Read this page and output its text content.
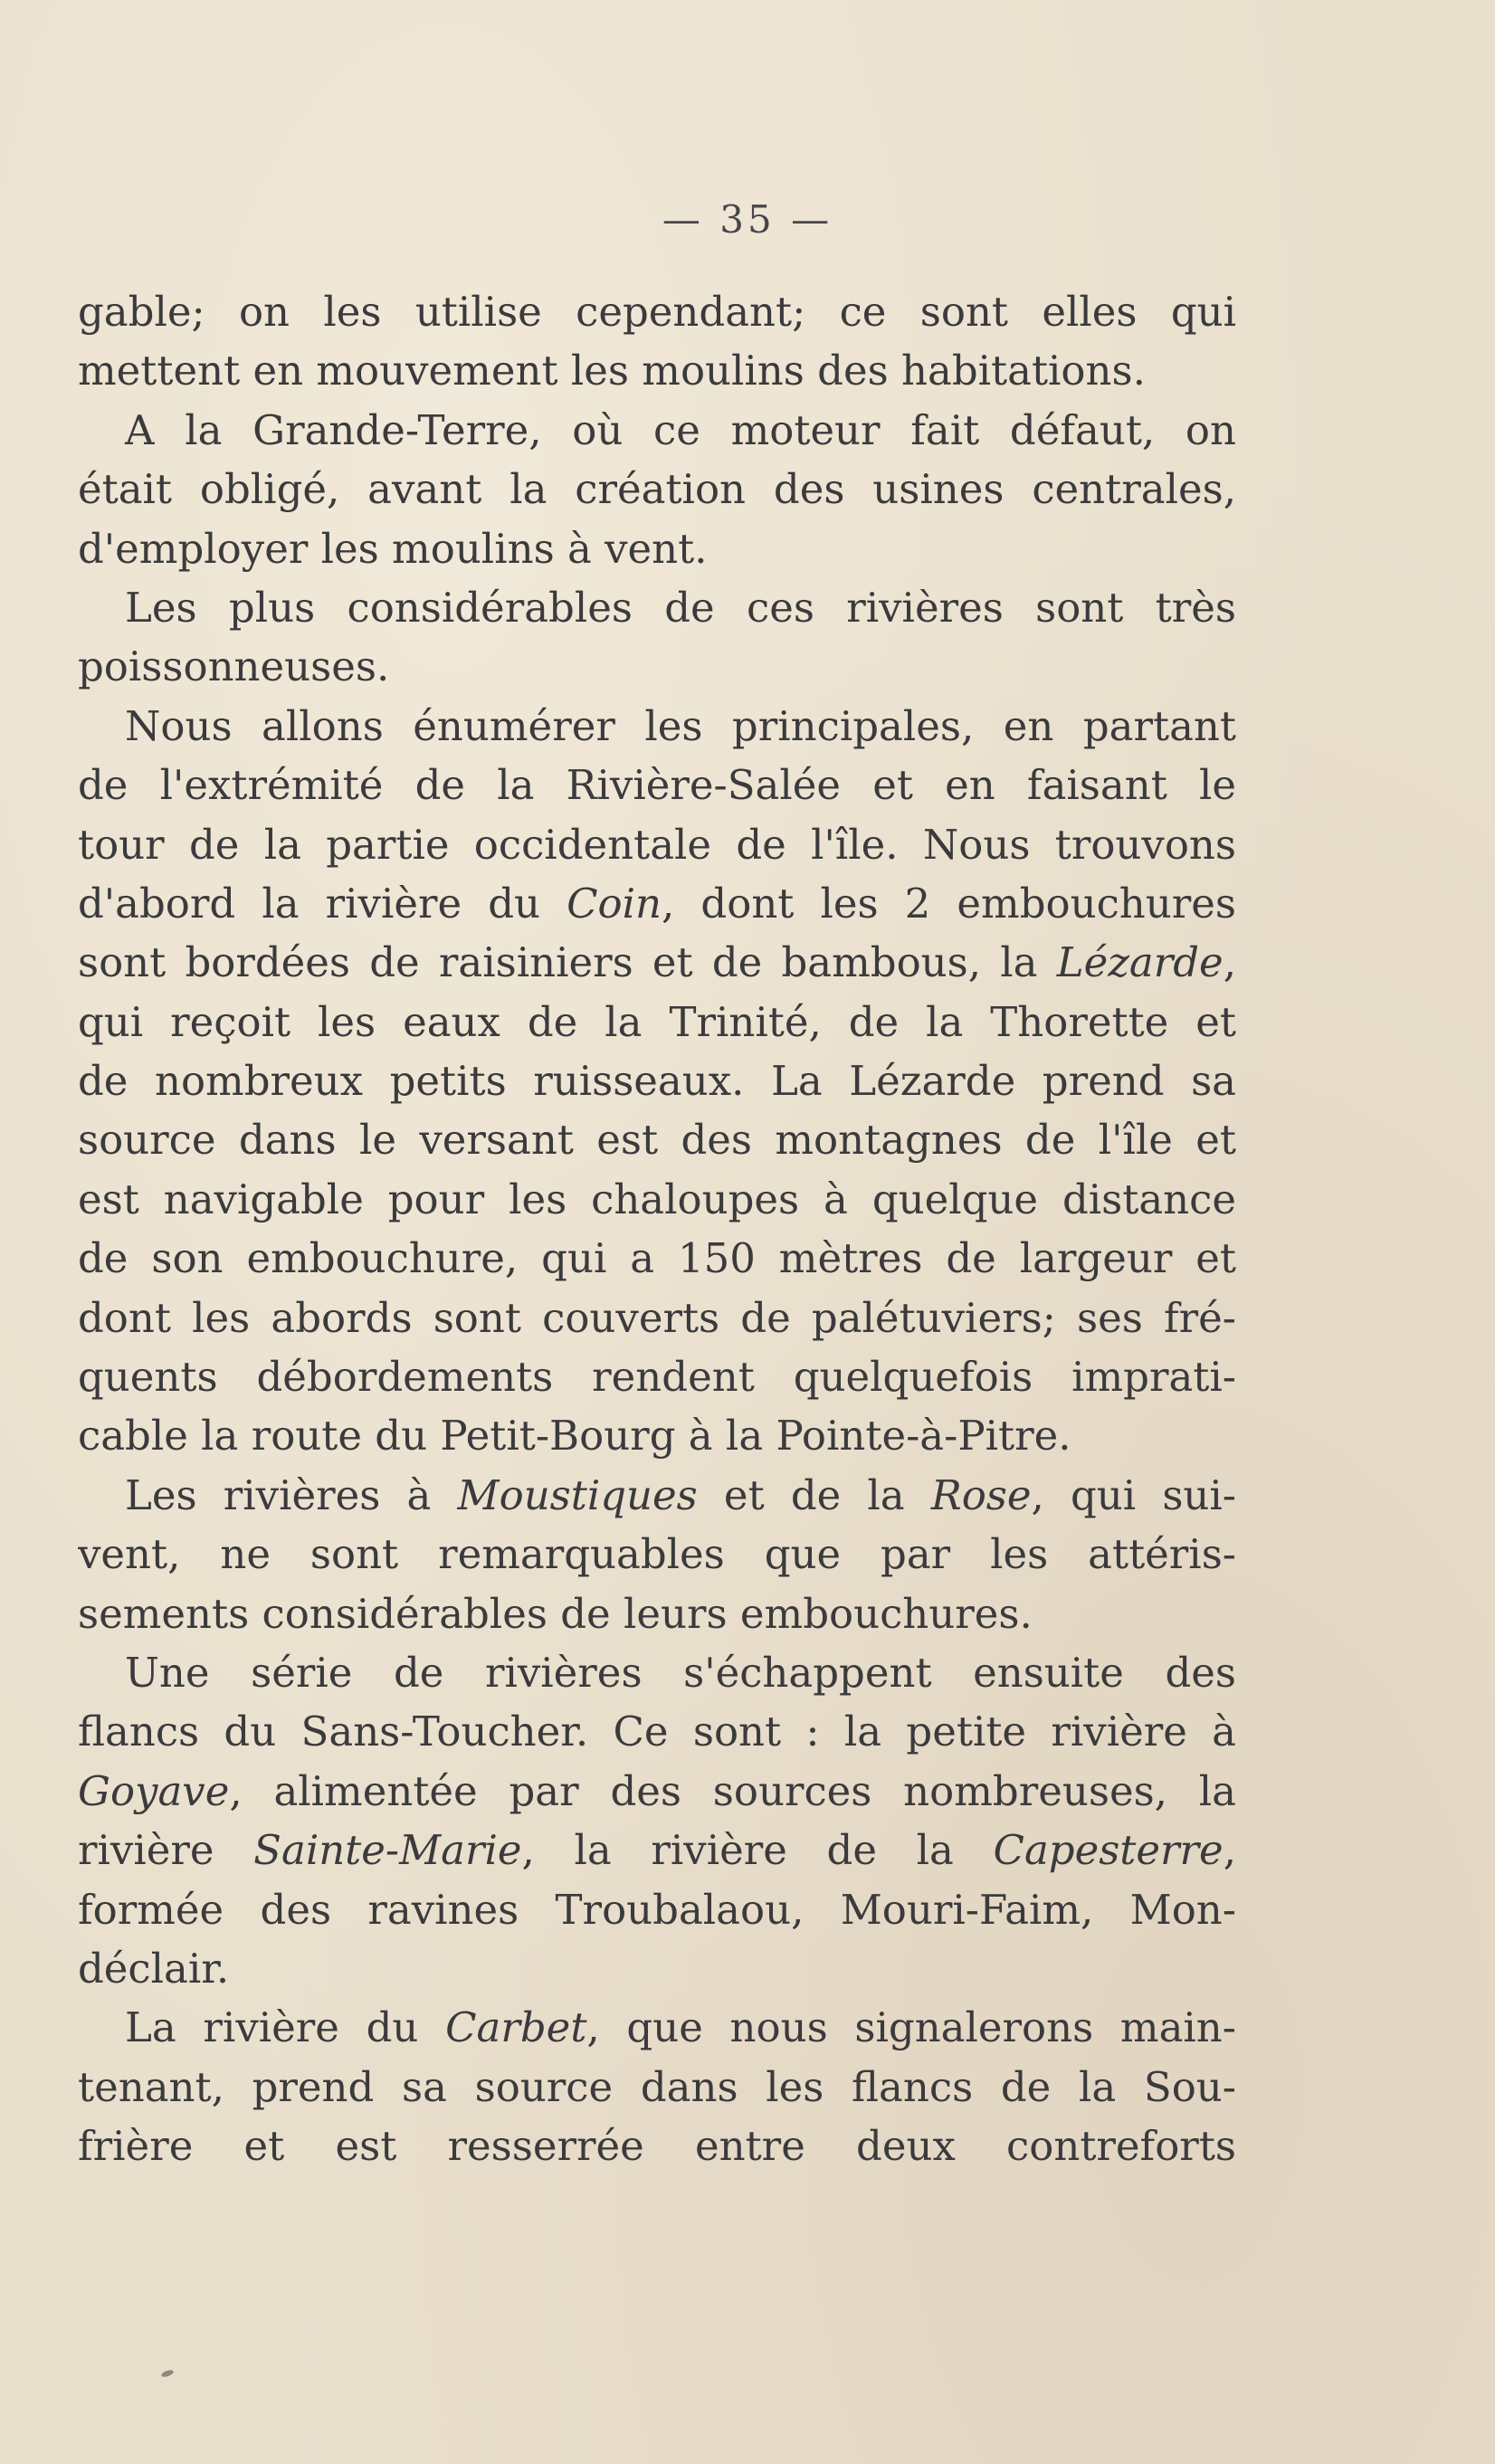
— 35 —
gable; on les utilise cependant; ce sont elles qui
mettent en mouvement les moulins des habitations.
A la Grande-Terre, où ce moteur fait défaut, on
était obligé, avant la création des usines centrales,
d'employer les moulins à vent.
Les plus considérables de ces rivières sont très
poissonneuses.
Nous allons énumérer les principales, en partant
de l'extrémité de la Rivière-Salée et en faisant le
tour de la partie occidentale de l'île. Nous trouvons
d'abord la rivière du Coin, dont les 2 embouchures
sont bordées de raisiniers et de bambous, la Lézarde,
qui reçoit les eaux de la Trinité, de la Thorette et
de nombreux petits ruisseaux. La Lézarde prend sa
source dans le versant est des montagnes de l'île et
est navigable pour les chaloupes à quelque distance
de son embouchure, qui a 150 mètres de largeur et
dont les abords sont couverts de palétuviers; ses fré-
quents débordements rendent quelquefois imprati-
cable la route du Petit-Bourg à la Pointe-à-Pitre.
Les rivières à Moustiques et de la Rose, qui sui-
vent, ne sont remarquables que par les attéris-
sements considérables de leurs embouchures.
Une série de rivières s'échappent ensuite des
flancs du Sans-Toucher. Ce sont : la petite rivière à
Goyave, alimentée par des sources nombreuses, la
rivière Sainte-Marie, la rivière de la Capesterre,
formée des ravines Troubalaou, Mouri-Faim, Mon-
déclair.
La rivière du Carbet, que nous signalerons main-
tenant, prend sa source dans les flancs de la Sou-
frière et est resserrée entre deux contreforts
